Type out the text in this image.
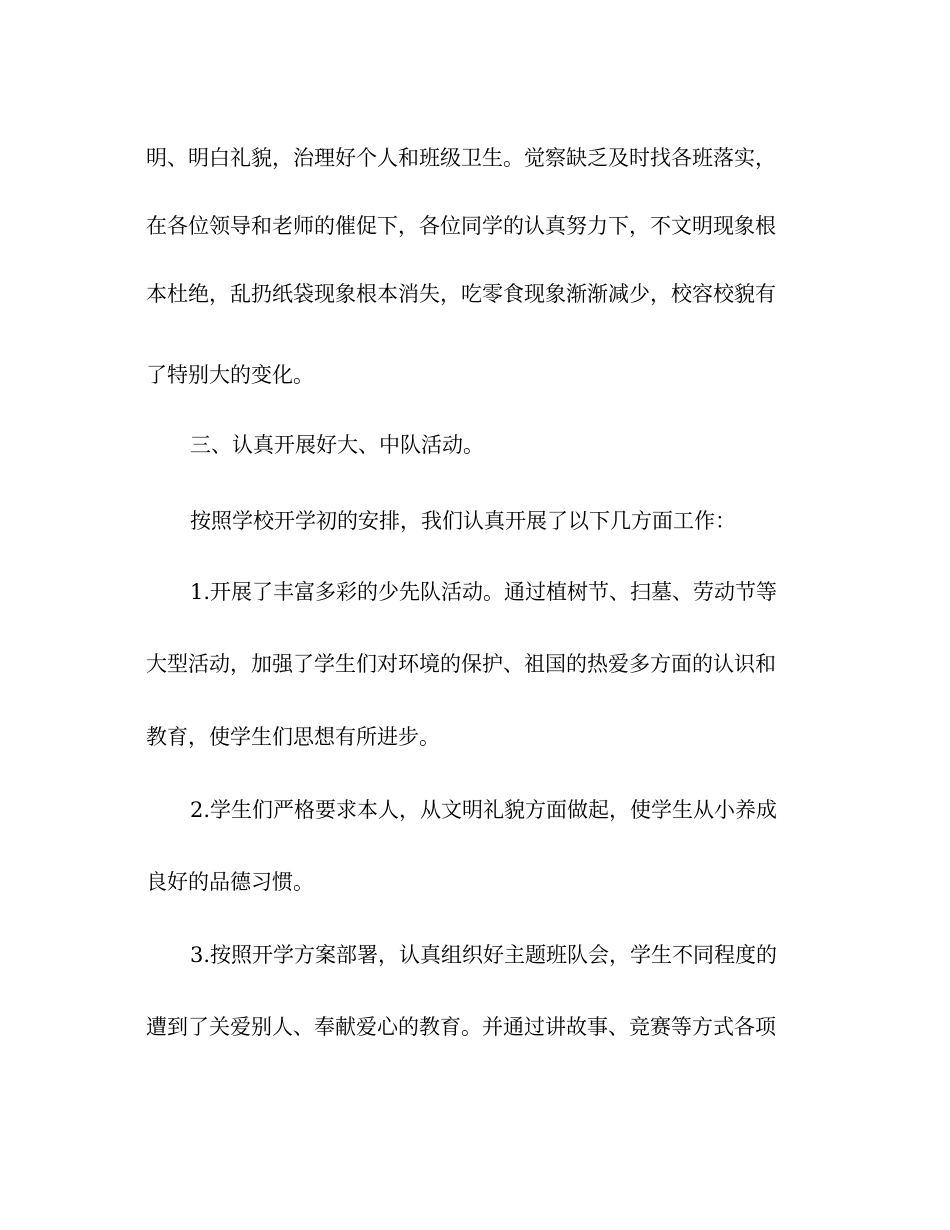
明、明白礼貌，治理好个人和班级卫生。觉察缺乏及时找各班落实，
在各位领导和老师的催促下，各位同学的认真努力下，不文明现象根
本杜绝，乱扔纸袋现象根本消失，吃零食现象渐渐减少，校容校貌有
了特别大的变化。
三、认真开展好大、中队活动。
按照学校开学初的安排，我们认真开展了以下几方面工作：
1.开展了丰富多彩的少先队活动。通过植树节、扫墓、劳动节等
大型活动，加强了学生们对环境的保护、祖国的热爱多方面的认识和
教育，使学生们思想有所进步。
2.学生们严格要求本人，从文明礼貌方面做起，使学生从小养成
良好的品德习惯。
3.按照开学方案部署，认真组织好主题班队会，学生不同程度的
遭到了关爱别人、奉献爱心的教育。并通过讲故事、竞赛等方式各项
